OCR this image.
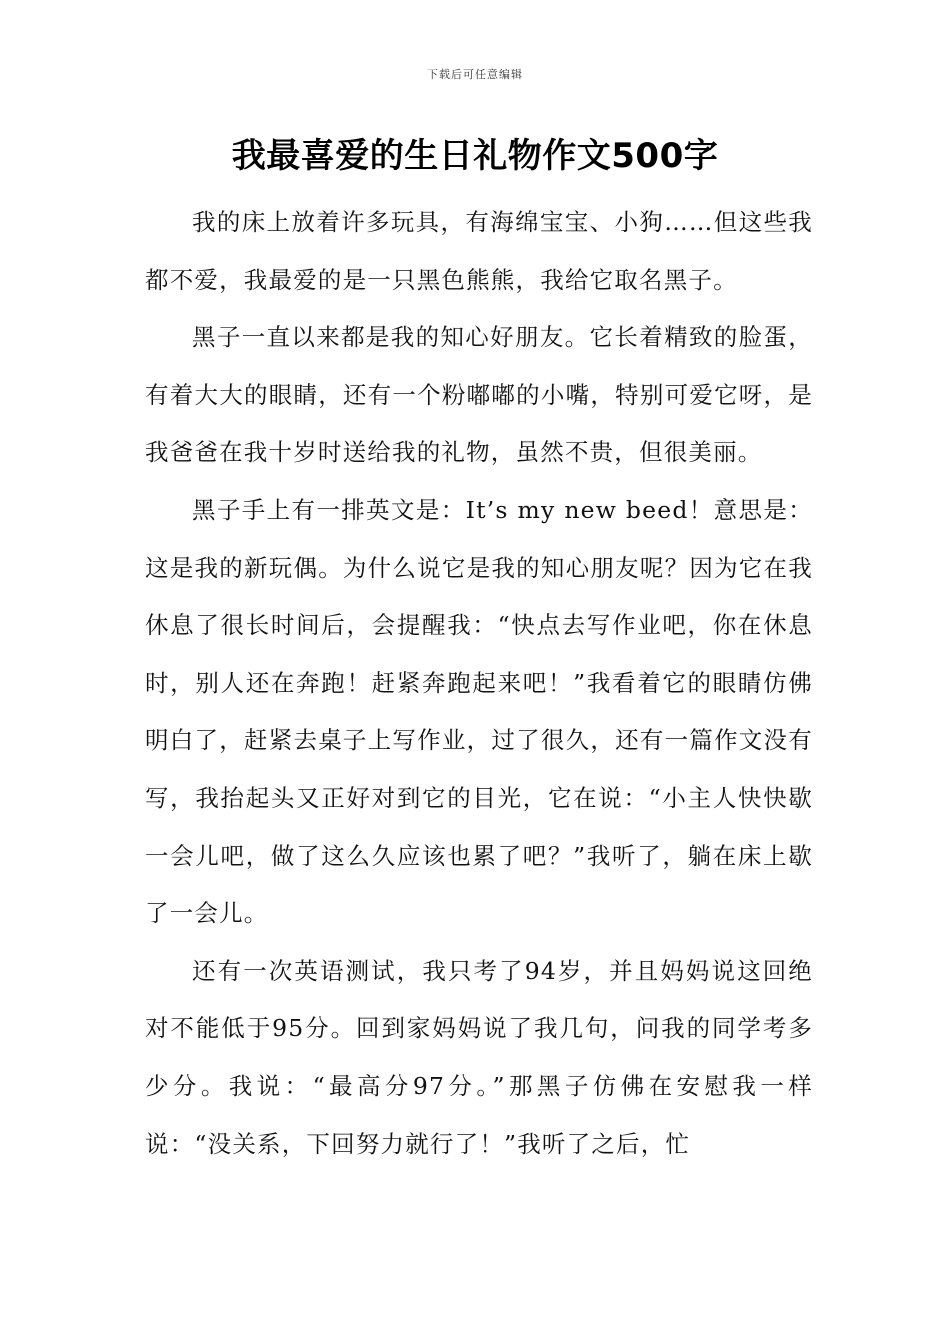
下载后可任意编辑
我最喜爱的生日礼物作文500字

我的床上放着许多玩具，有海绵宝宝、小狗……但这些我都不爱，我最爱的是一只黑色熊熊，我给它取名黑子。

黑子一直以来都是我的知心好朋友。它长着精致的脸蛋，有着大大的眼睛，还有一个粉嘟嘟的小嘴，特别可爱它呀，是我爸爸在我十岁时送给我的礼物，虽然不贵，但很美丽。

黑子手上有一排英文是：It’s my new beed！意思是：这是我的新玩偶。为什么说它是我的知心朋友呢？因为它在我休息了很长时间后，会提醒我：“快点去写作业吧，你在休息时，别人还在奔跑！赶紧奔跑起来吧！”我看着它的眼睛仿佛明白了，赶紧去桌子上写作业，过了很久，还有一篇作文没有写，我抬起头又正好对到它的目光，它在说：“小主人快快歇一会儿吧，做了这么久应该也累了吧？”我听了，躺在床上歇了一会儿。

还有一次英语测试，我只考了94岁，并且妈妈说这回绝对不能低于95分。回到家妈妈说了我几句，问我的同学考多少分。我说：“最高分97分。”那黑子仿佛在安慰我一样说：“没关系，下回努力就行了！”我听了之后，忙
